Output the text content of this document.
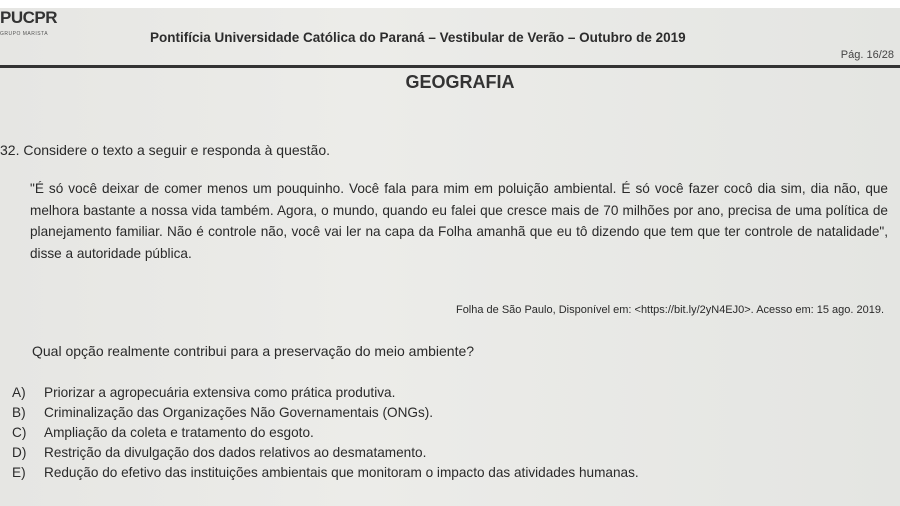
PUCPR
GRUPO MARISTA	Pontifícia Universidade Católica do Paraná – Vestibular de Verão – Outubro de 2019
Pág. 16/28
GEOGRAFIA
32. Considere o texto a seguir e responda à questão.
"É só você deixar de comer menos um pouquinho. Você fala para mim em poluição ambiental. É só você fazer cocô dia sim, dia não, que melhora bastante a nossa vida também. Agora, o mundo, quando eu falei que cresce mais de 70 milhões por ano, precisa de uma política de planejamento familiar. Não é controle não, você vai ler na capa da Folha amanhã que eu tô dizendo que tem que ter controle de natalidade", disse a autoridade pública.
Folha de São Paulo, Disponível em: <https://bit.ly/2yN4EJ0>. Acesso em: 15 ago. 2019.
Qual opção realmente contribui para a preservação do meio ambiente?
A)	Priorizar a agropecuária extensiva como prática produtiva.
B)	Criminalização das Organizações Não Governamentais (ONGs).
C)	Ampliação da coleta e tratamento do esgoto.
D)	Restrição da divulgação dos dados relativos ao desmatamento.
E)	Redução do efetivo das instituições ambientais que monitoram o impacto das atividades humanas.
